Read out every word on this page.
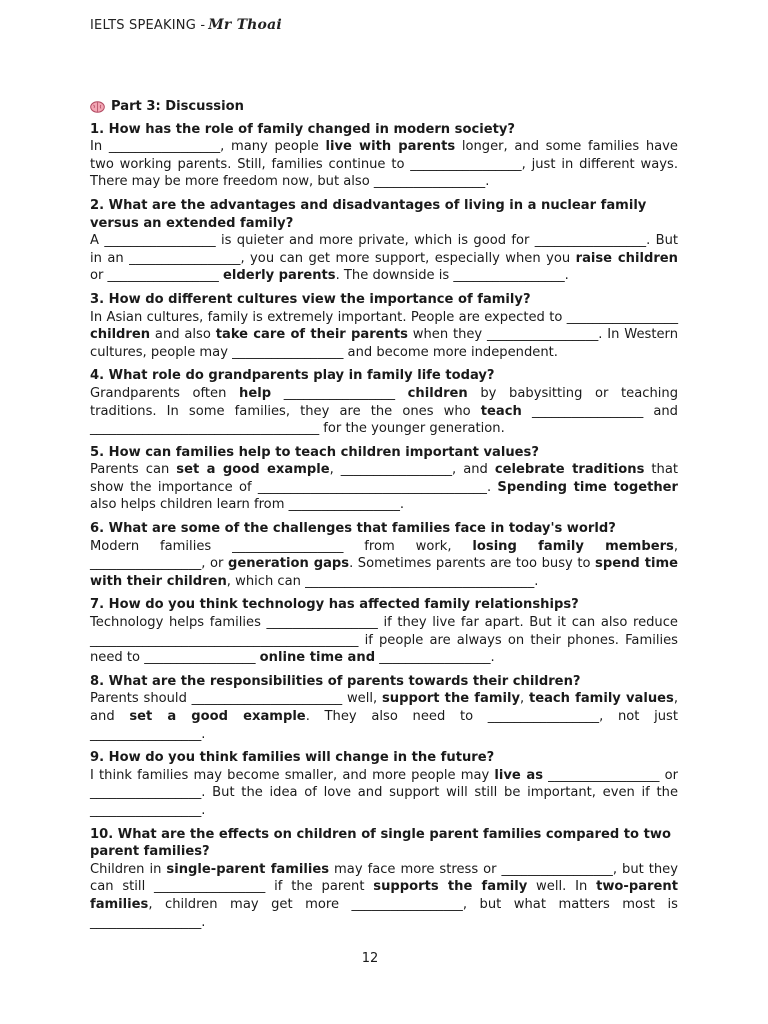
IELTS SPEAKING - Mr Thoai
Part 3: Discussion
1. How has the role of family changed in modern society?
In _________________, many people live with parents longer, and some families have two working parents. Still, families continue to _________________, just in different ways. There may be more freedom now, but also _________________.
2. What are the advantages and disadvantages of living in a nuclear family versus an extended family?
A _________________ is quieter and more private, which is good for _________________. But in an _________________, you can get more support, especially when you raise children or _________________ elderly parents. The downside is _________________.
3. How do different cultures view the importance of family?
In Asian cultures, family is extremely important. People are expected to _________________ children and also take care of their parents when they _________________. In Western cultures, people may _________________ and become more independent.
4. What role do grandparents play in family life today?
Grandparents often help _________________ children by babysitting or teaching traditions. In some families, they are the ones who teach _________________ and ___________________________________ for the younger generation.
5. How can families help to teach children important values?
Parents can set a good example, _________________, and celebrate traditions that show the importance of ___________________________________. Spending time together also helps children learn from _________________.
6. What are some of the challenges that families face in today's world?
Modern families _________________ from work, losing family members, _________________, or generation gaps. Sometimes parents are too busy to spend time with their children, which can ___________________________________.
7. How do you think technology has affected family relationships?
Technology helps families _________________ if they live far apart. But it can also reduce _________________________________________ if people are always on their phones. Families need to _________________ online time and _________________.
8. What are the responsibilities of parents towards their children?
Parents should _______________________ well, support the family, teach family values, and set a good example. They also need to _________________, not just _________________.
9. How do you think families will change in the future?
I think families may become smaller, and more people may live as _________________ or _________________. But the idea of love and support will still be important, even if the _________________.
10. What are the effects on children of single parent families compared to two parent families?
Children in single-parent families may face more stress or _________________, but they can still _________________ if the parent supports the family well. In two-parent families, children may get more _________________, but what matters most is _________________.
12
